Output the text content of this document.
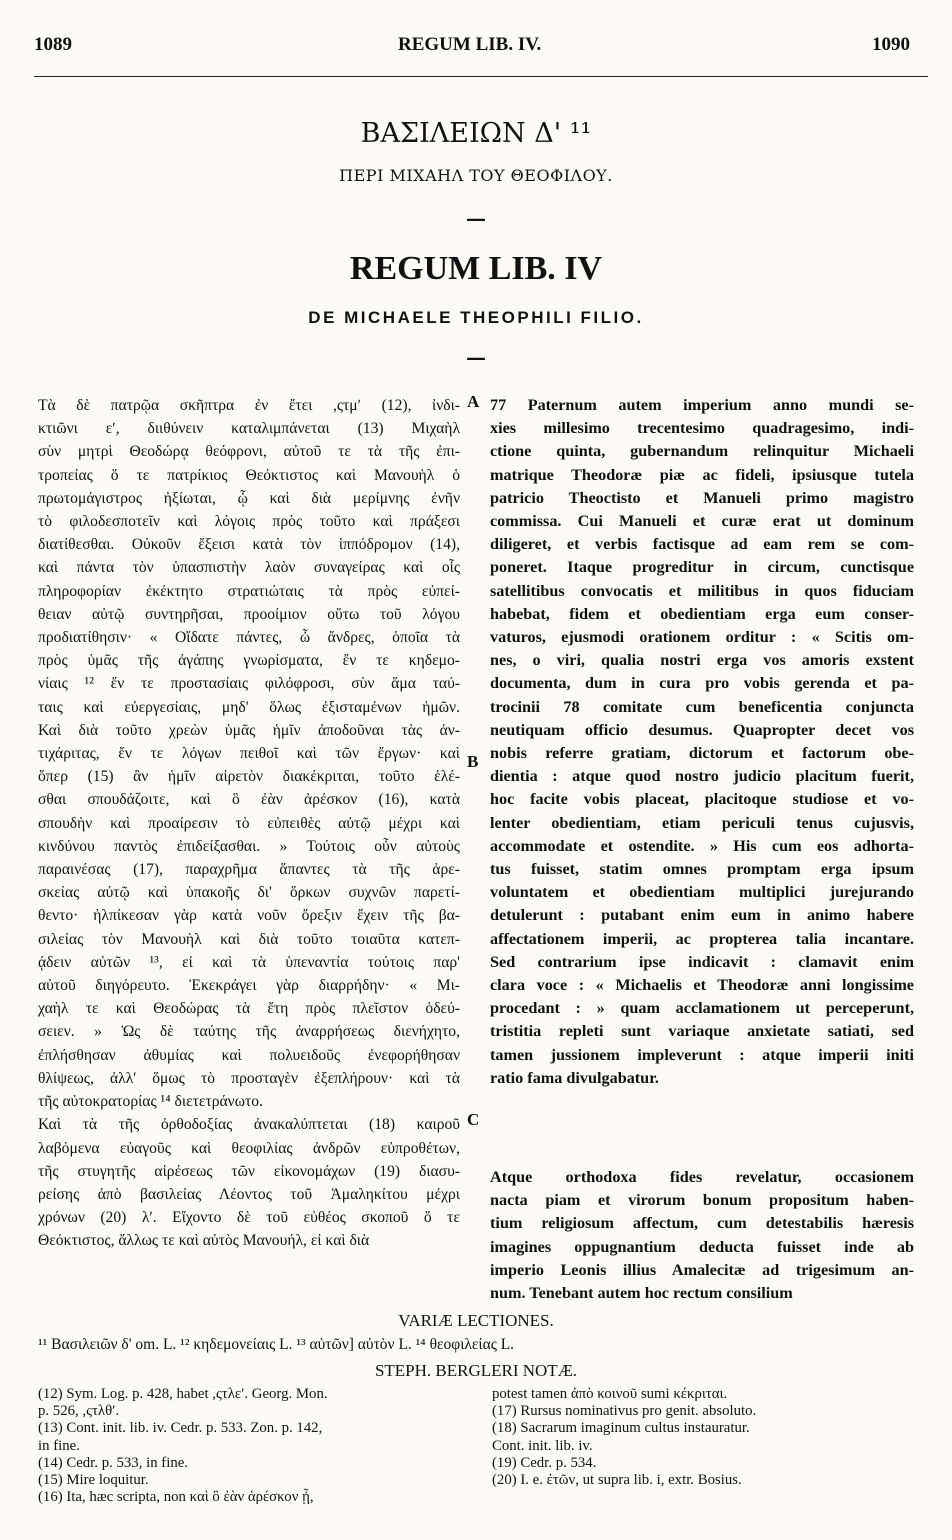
1089	REGUM LIB. IV.	1090
ΒΑΣΙΛΕΙΩΝ Δ' ¹¹
ΠΕΡΙ ΜΙΧΑΗΛ ΤΟΥ ΘΕΟΦΙΛΟΥ.
—
REGUM LIB. IV
DE MICHAELE THEOPHILI FILIO.
—
Τὰ δὲ πατρῷα σκῆπτρα ἐν ἔτει ,ςτμʹ (12), ἰνδι-
κτιῶνι εʹ, διιθύνειν καταλιμπάνεται (13) Μιχαὴλ
σὺν μητρὶ Θεοδώρᾳ θεόφρονι, αὐτοῦ τε τὰ τῆς ἐπι-
τροπείας ὅ τε πατρίκιος Θεόκτιστος καὶ Μανουὴλ ὁ
πρωτομάγιστρος ἠξίωται, ᾧ καὶ διὰ μερίμνης ἐνῆν
τὸ φιλοδεσποτεῖν καὶ λόγοις πρὸς τοῦτο καὶ πράξεσι
διατίθεσθαι. Οὐκοῦν ἔξεισι κατὰ τὸν ἱππόδρομον (14),
καὶ πάντα τὸν ὑπασπιστὴν λαὸν συναγείρας καὶ οἷς
πληροφορίαν ἐκέκτητο στρατιώταις τὰ πρὸς εὐπεί-
θειαν αὐτῷ συντηρῆσαι, προοίμιον οὕτω τοῦ λόγου
προδιατίθησιν· « Οἴδατε πάντες, ὦ ἄνδρες, ὁποῖα τὰ
πρὸς ὑμᾶς τῆς ἀγάπης γνωρίσματα, ἔν τε κηδεμο-
νίαις ¹² ἔν τε προστασίαις φιλόφροσι, σὺν ἅμα ταύ-
ταις καὶ εὐεργεσίαις, μηδ' ὅλως ἐξισταμένων ἡμῶν.
Καὶ διὰ τοῦτο χρεὼν ὑμᾶς ἡμῖν ἀποδοῦναι τὰς ἀν-
τιχάριτας, ἔν τε λόγων πειθοῖ καὶ τῶν ἔργων· καὶ
ὅπερ (15) ἂν ἡμῖν αἱρετὸν διακέκριται, τοῦτο ἑλέ-
σθαι σπουδάζοιτε, καὶ ὃ ἐὰν ἀρέσκον (16), κατὰ
σπουδὴν καὶ προαίρεσιν τὸ εὐπειθὲς αὐτῷ μέχρι καὶ
κινδύνου παντὸς ἐπιδείξασθαι. » Τούτοις οὖν αὐτοὺς
παραινέσας (17), παραχρῆμα ἅπαντες τὰ τῆς ἀρε-
σκείας αὐτῷ καὶ ὑπακοῆς δι' ὅρκων συχνῶν παρετί-
θεντο· ἠλπίκεσαν γὰρ κατὰ νοῦν ὄρεξιν ἔχειν τῆς βα-
σιλείας τὸν Μανουὴλ καὶ διὰ τοῦτο τοιαῦτα κατεπ-
ᾴδειν αὐτῶν ¹³, εἰ καὶ τὰ ὑπεναντία τούτοις παρ'
αὐτοῦ διηγόρευτο. Ἐκεκράγει γὰρ διαρρήδην· « Μι-
χαὴλ τε καὶ Θεοδώρας τὰ ἔτη πρὸς πλεῖστον ὁδεύ-
σειεν. » Ὡς δὲ ταύτης τῆς ἀναρρήσεως διενήχητο,
ἐπλήσθησαν ἀθυμίας καὶ πολυειδοῦς ἐνεφορήθησαν
θλίψεως, ἀλλ' ὅμως τὸ προσταγὲν ἐξεπλήρουν· καὶ τὰ
τῆς αὐτοκρατορίας ¹⁴ διετετράνωτο.
Καὶ τὰ τῆς ὀρθοδοξίας ἀνακαλύπτεται (18) καιροῦ
λαβόμενα εὐαγοῦς καὶ θεοφιλίας ἀνδρῶν εὐπροθέτων,
τῆς στυγητῆς αἱρέσεως τῶν εἰκονομάχων (19) διασυ-
ρείσης ἀπὸ βασιλείας Λέοντος τοῦ Ἀμαληκίτου μέχρι
χρόνων (20) λʹ. Εἴχοντο δὲ τοῦ εὐθέος σκοποῦ ὅ τε
Θεόκτιστος, ἄλλως τε καὶ αὐτὸς Μανουήλ, εἰ καὶ διὰ
A
B
C
77 Paternum autem imperium anno mundi se-
xies millesimo trecentesimo quadragesimo, indi-
ctione quinta, gubernandum relinquitur Michaeli
matrique Theodoræ piæ ac fideli, ipsiusque tutela
patricio Theoctisto et Manueli primo magistro
commissa. Cui Manueli et curæ erat ut dominum
diligeret, et verbis factisque ad eam rem se com-
poneret. Itaque progreditur in circum, cunctisque
satellitibus convocatis et militibus in quos fiduciam
habebat, fidem et obedientiam erga eum conser-
vaturos, ejusmodi orationem orditur : « Scitis om-
nes, o viri, qualia nostri erga vos amoris exstent
documenta, dum in cura pro vobis gerenda et pa-
trocinii 78 comitate cum beneficentia conjuncta
neutiquam officio desumus. Quapropter decet vos
nobis referre gratiam, dictorum et factorum obe-
dientia : atque quod nostro judicio placitum fuerit,
hoc facite vobis placeat, placitoque studiose et vo-
lenter obedientiam, etiam periculi tenus cujusvis,
accommodate et ostendite. » His cum eos adhorta-
tus fuisset, statim omnes promptam erga ipsum
voluntatem et obedientiam multiplici jurejurando
detulerunt : putabant enim eum in animo habere
affectationem imperii, ac propterea talia incantare.
Sed contrarium ipse indicavit : clamavit enim
clara voce : « Michaelis et Theodoræ anni longissime
procedant : » quam acclamationem ut perceperunt,
tristitia repleti sunt variaque anxietate satiati, sed
tamen jussionem impleverunt : atque imperii initi
ratio fama divulgabatur.
Atque orthodoxa fides revelatur, occasionem
nacta piam et virorum bonum propositum haben-
tium religiosum affectum, cum detestabilis hæresis
imagines oppugnantium deducta fuisset inde ab
imperio Leonis illius Amalecitæ ad trigesimum an-
num. Tenebant autem hoc rectum consilium
VARIÆ LECTIONES.
¹¹ Βασιλειῶν δ' om. L. ¹² κηδεμονείαις L. ¹³ αὐτῶν] αὐτὸν L. ¹⁴ θεοφιλείας L.
STEPH. BERGLERI NOTÆ.
(12) Sym. Log. p. 428, habet ,ςτλεʹ. Georg. Mon.
p. 526, ,ςτλθʹ.
(13) Cont. init. lib. iv. Cedr. p. 533. Zon. p. 142,
in fine.
(14) Cedr. p. 533, in fine.
(15) Mire loquitur.
(16) Ita, hæc scripta, non καὶ ὃ ἐὰν ἀρέσκον ᾖ,
potest tamen ἀπὸ κοινοῦ sumi κέκριται.
(17) Rursus nominativus pro genit. absoluto.
(18) Sacrarum imaginum cultus instauratur.
Cont. init. lib. iv.
(19) Cedr. p. 534.
(20) I. e. ἐτῶν, ut supra lib. i, extr. Bosius.
